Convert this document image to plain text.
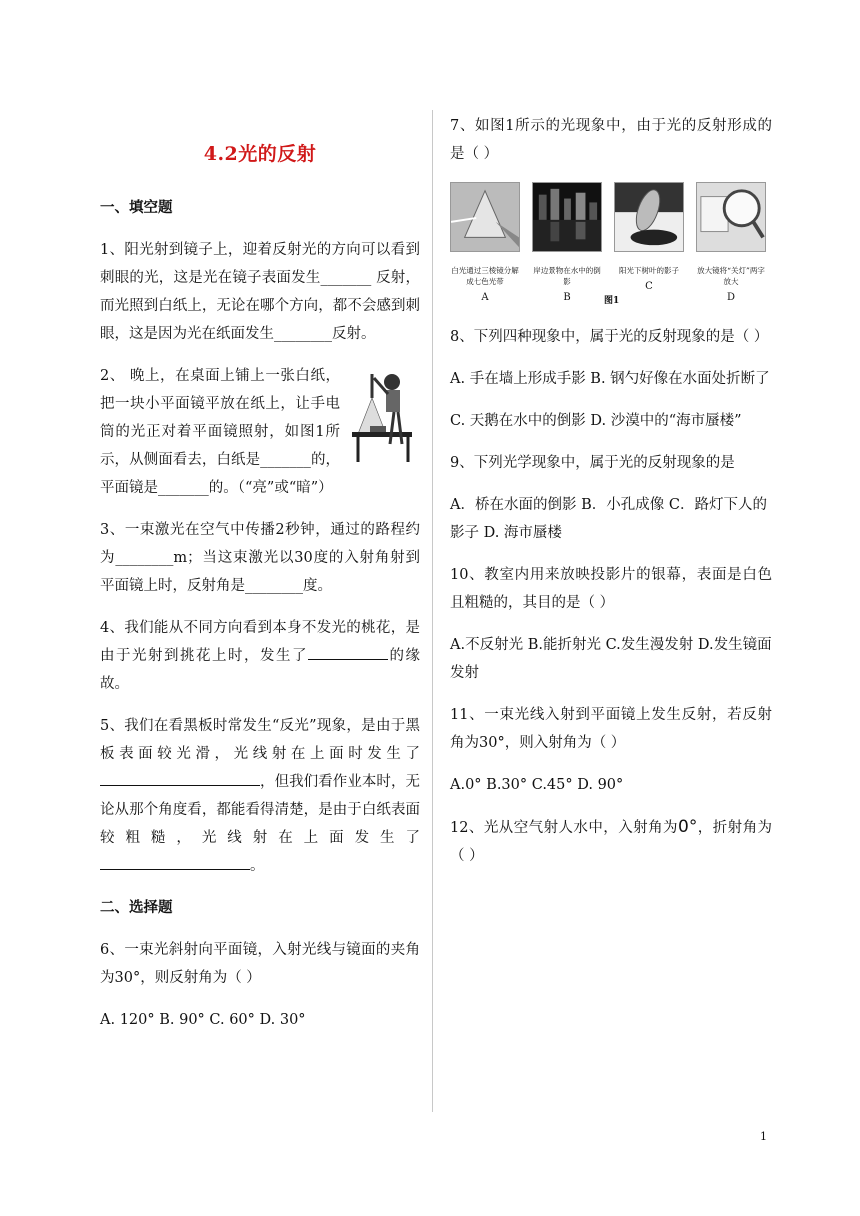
4.2光的反射
一、填空题
1、阳光射到镜子上，迎着反射光的方向可以看到刺眼的光，这是光在镜子表面发生_______ 反射，而光照到白纸上，无论在哪个方向，都不会感到刺眼，这是因为光在纸面发生________反射。
2、 晚上，在桌面上铺上一张白纸，把一块小平面镜平放在纸上，让手电筒的光正对着平面镜照射，如图1所示，从侧面看去，白纸是_______的，平面镜是_______的。（“亮”或“暗”）
3、一束激光在空气中传播2秒钟，通过的路程约为________m；当这束激光以30度的入射角射到平面镜上时，反射角是________度。
4、我们能从不同方向看到本身不发光的桃花，是由于光射到挑花上时，发生了	的缘故。
5、我们在看黑板时常发生“反光”现象，是由于黑板表面较光滑，光线射在上面时发生了，但我们看作业本时，无论从那个角度看，都能看得清楚，是由于白纸表面较粗糙，光线射在上面发生了。
二、选择题
6、一束光斜射向平面镜，入射光线与镜面的夹角为30°，则反射角为（ ）
A. 120° B. 90° C. 60° D. 30°
7、如图1所示的光现象中，由于光的反射形成的是（ ）
白光通过三棱镜分解成七色光带
A
岸边景物在水中的倒影
B
阳光下树叶的影子
C
放大镜将“关灯”两字放大
D
8、下列四种现象中，属于光的反射现象的是（ ）
A. 手在墙上形成手影 B. 钢勺好像在水面处折断了
C. 天鹅在水中的倒影 D. 沙漠中的“海市蜃楼”
9、下列光学现象中，属于光的反射现象的是
A．桥在水面的倒影 B．小孔成像 C．路灯下人的影子 D. 海市蜃楼
10、教室内用来放映投影片的银幕，表面是白色且粗糙的，其目的是（ ）
A.不反射光 B.能折射光 C.发生漫发射 D.发生镜面发射
11、一束光线入射到平面镜上发生反射，若反射角为30°，则入射角为（ ）
A.0° B.30° C.45° D. 90°
12、光从空气射人水中，入射角为0°，折射角为（ ）
图1
1
